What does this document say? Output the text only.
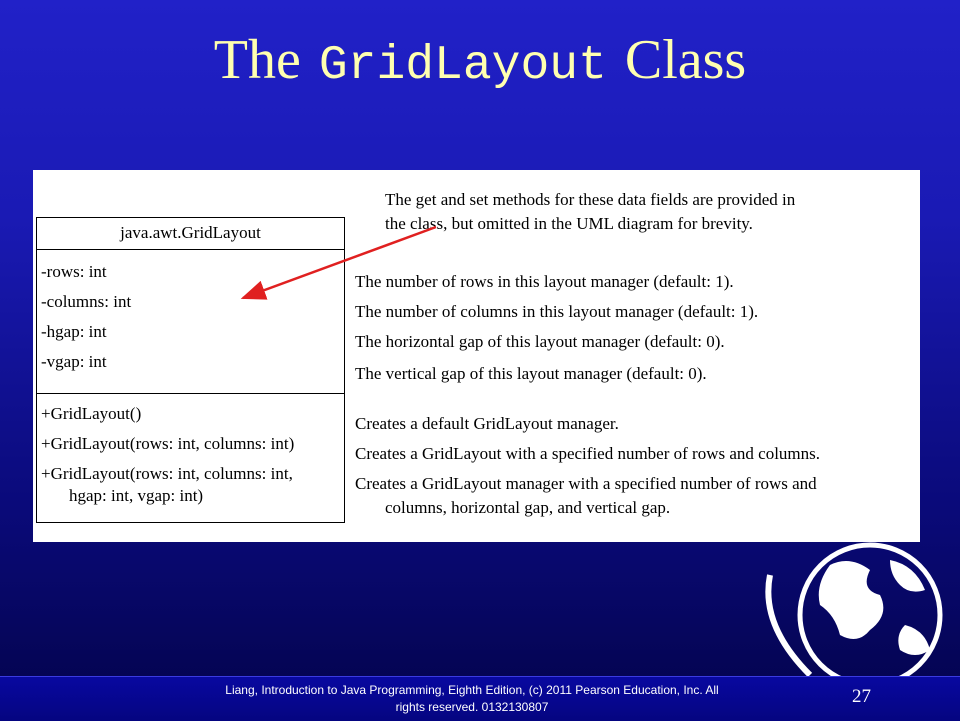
The GridLayout Class
java.awt.GridLayout
-rows: int
-columns: int
-hgap: int
-vgap: int
+GridLayout()
+GridLayout(rows: int, columns: int)
+GridLayout(rows: int, columns: int,
hgap: int, vgap: int)
The get and set methods for these data fields are provided in
the class, but omitted in the UML diagram for brevity.
The number of rows in this layout manager (default: 1).
The number of columns in this layout manager (default: 1).
The horizontal gap of this layout manager (default: 0).
The vertical gap of this layout manager (default: 0).
Creates a default GridLayout manager.
Creates a GridLayout with a specified number of rows and columns.
Creates a GridLayout manager with a specified number of rows and
columns, horizontal gap, and vertical gap.
Liang, Introduction to Java Programming, Eighth Edition, (c) 2011 Pearson Education, Inc. All
rights reserved. 0132130807	27
